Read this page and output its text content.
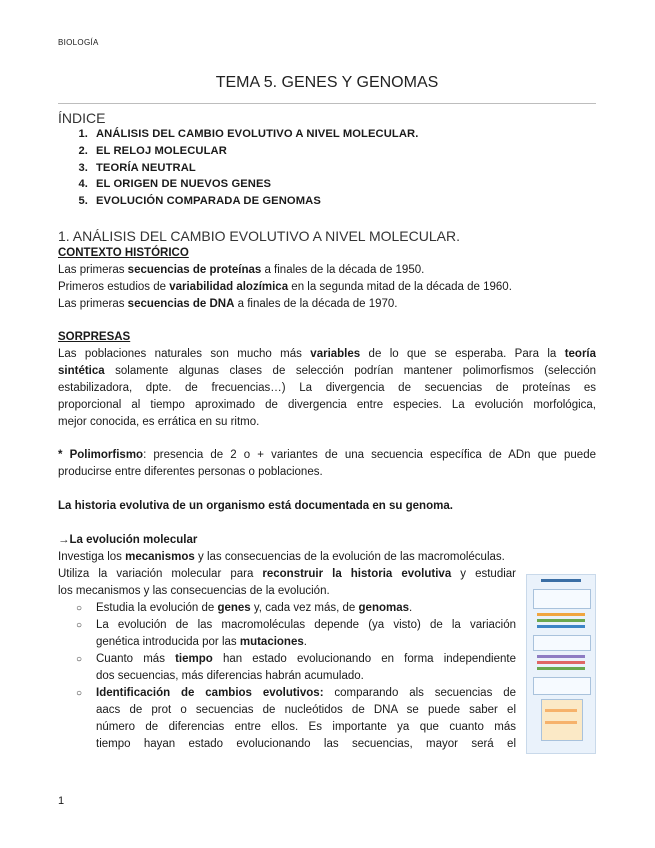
BIOLOGÍA
TEMA 5. GENES Y GENOMAS
ÍNDICE
1. ANÁLISIS DEL CAMBIO EVOLUTIVO A NIVEL MOLECULAR.
2. EL RELOJ MOLECULAR
3. TEORÍA NEUTRAL
4. EL ORIGEN DE NUEVOS GENES
5. EVOLUCIÓN COMPARADA DE GENOMAS
1. ANÁLISIS DEL CAMBIO EVOLUTIVO A NIVEL MOLECULAR.
CONTEXTO HISTÓRICO
Las primeras secuencias de proteínas a finales de la década de 1950.
Primeros estudios de variabilidad alozímica en la segunda mitad de la década de 1960.
Las primeras secuencias de DNA a finales de la década de 1970.
SORPRESAS
Las poblaciones naturales son mucho más variables de lo que se esperaba. Para la teoría
sintética solamente algunas clases de selección podrían mantener polimorfismos (selección
estabilizadora, dpte. de frecuencias…) La divergencia de secuencias de proteínas es
proporcional al tiempo aproximado de divergencia entre especies. La evolución morfológica,
mejor conocida, es errática en su ritmo.
* Polimorfismo: presencia de 2 o + variantes de una secuencia específica de ADn que puede
producirse entre diferentes personas o poblaciones.
La historia evolutiva de un organismo está documentada en su genoma.
→La evolución molecular
Investiga los mecanismos y las consecuencias de la evolución de las macromoléculas.
Utiliza la variación molecular para reconstruir la historia evolutiva y estudiar
los mecanismos y las consecuencias de la evolución.
○ Estudia la evolución de genes y, cada vez más, de genomas.
○ La evolución de las macromoléculas depende (ya visto) de la variación
genética introducida por las mutaciones.
○ Cuanto más tiempo han estado evolucionando en forma independiente
dos secuencias, más diferencias habrán acumulado.
○ Identificación de cambios evolutivos: comparando als secuencias de
aacs de prot o secuencias de nucleótidos de DNA se puede saber el
número de diferencias entre ellos. Es importante ya que cuanto más
tiempo hayan estado evolucionando las secuencias, mayor será el
1
